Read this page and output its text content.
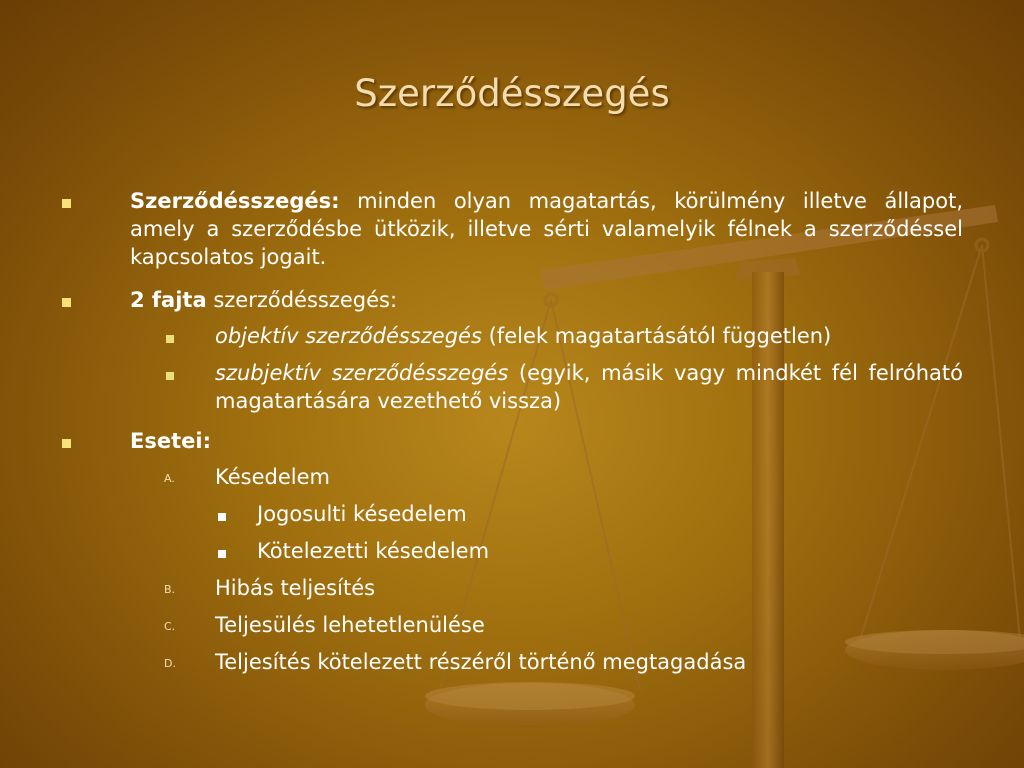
Szerződésszegés
Szerződésszegés: minden olyan magatartás, körülmény illetve állapot, amely a szerződésbe ütközik, illetve sérti valamelyik félnek a szerződéssel kapcsolatos jogait.
2 fajta szerződésszegés:
objektív szerződésszegés (felek magatartásától független)
szubjektív szerződésszegés (egyik, másik vagy mindkét fél felróható magatartására vezethető vissza)
Esetei:
A. Késedelem
Jogosulti késedelem
Kötelezetti késedelem
B. Hibás teljesítés
C. Teljesülés lehetetlenülése
D. Teljesítés kötelezett részéről történő megtagadása
